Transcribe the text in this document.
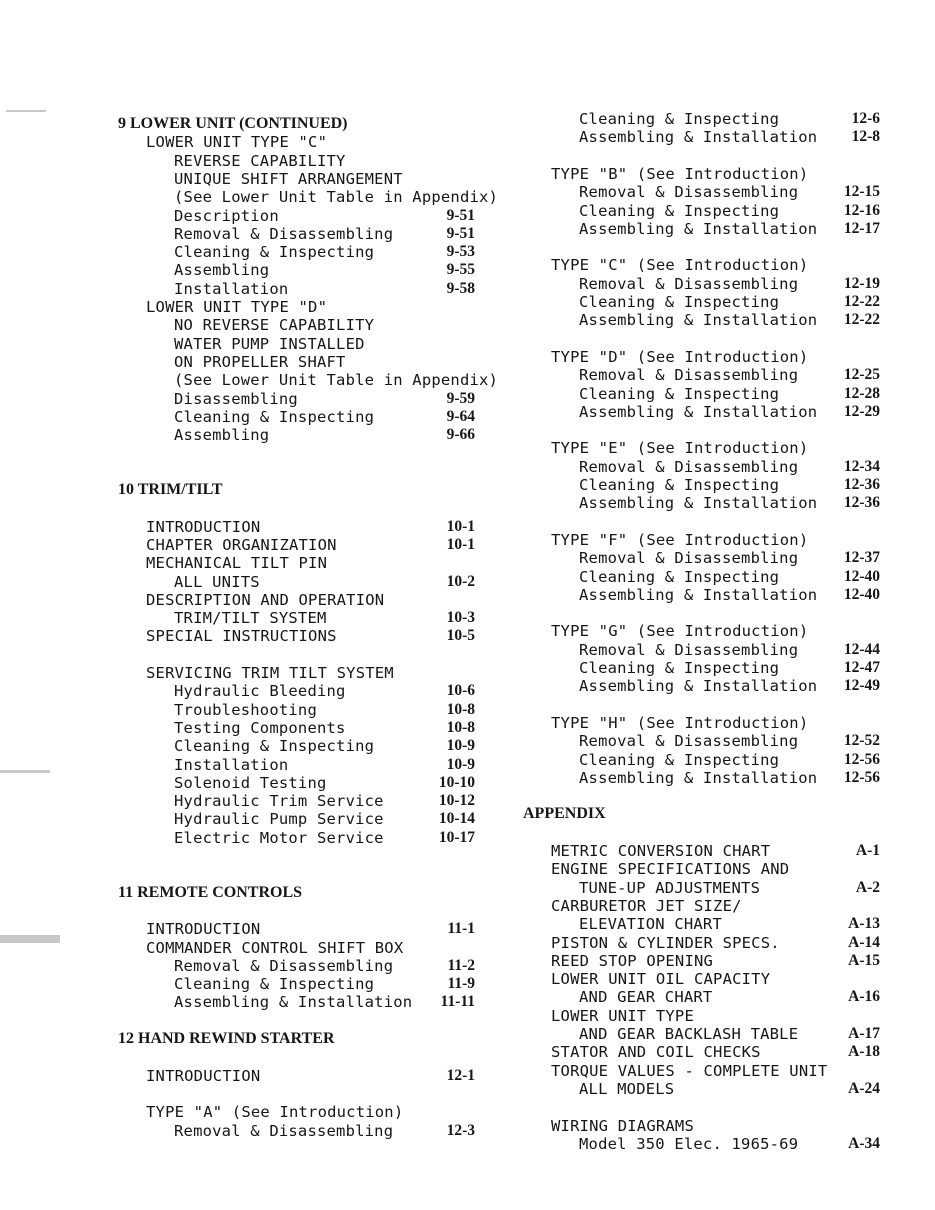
9 LOWER UNIT (CONTINUED)
LOWER UNIT TYPE "C"
REVERSE CAPABILITY
UNIQUE SHIFT ARRANGEMENT
(See Lower Unit Table in Appendix)
Description	9-51
Removal & Disassembling	9-51
Cleaning & Inspecting	9-53
Assembling	9-55
Installation	9-58
LOWER UNIT TYPE "D"
NO REVERSE CAPABILITY
WATER PUMP INSTALLED
ON PROPELLER SHAFT
(See Lower Unit Table in Appendix)
Disassembling	9-59
Cleaning & Inspecting	9-64
Assembling	9-66
10 TRIM/TILT
INTRODUCTION	10-1
CHAPTER ORGANIZATION	10-1
MECHANICAL TILT PIN
ALL UNITS	10-2
DESCRIPTION AND OPERATION
TRIM/TILT SYSTEM	10-3
SPECIAL INSTRUCTIONS	10-5
SERVICING TRIM TILT SYSTEM
Hydraulic Bleeding	10-6
Troubleshooting	10-8
Testing Components	10-8
Cleaning & Inspecting	10-9
Installation	10-9
Solenoid Testing	10-10
Hydraulic Trim Service	10-12
Hydraulic Pump Service	10-14
Electric Motor Service	10-17
11 REMOTE CONTROLS
INTRODUCTION	11-1
COMMANDER CONTROL SHIFT BOX
Removal & Disassembling	11-2
Cleaning & Inspecting	11-9
Assembling & Installation	11-11
12 HAND REWIND STARTER
INTRODUCTION	12-1
TYPE "A" (See Introduction)
Removal & Disassembling	12-3
Cleaning & Inspecting	12-6
Assembling & Installation	12-8
TYPE "B" (See Introduction)
Removal & Disassembling	12-15
Cleaning & Inspecting	12-16
Assembling & Installation	12-17
TYPE "C" (See Introduction)
Removal & Disassembling	12-19
Cleaning & Inspecting	12-22
Assembling & Installation	12-22
TYPE "D" (See Introduction)
Removal & Disassembling	12-25
Cleaning & Inspecting	12-28
Assembling & Installation	12-29
TYPE "E" (See Introduction)
Removal & Disassembling	12-34
Cleaning & Inspecting	12-36
Assembling & Installation	12-36
TYPE "F" (See Introduction)
Removal & Disassembling	12-37
Cleaning & Inspecting	12-40
Assembling & Installation	12-40
TYPE "G" (See Introduction)
Removal & Disassembling	12-44
Cleaning & Inspecting	12-47
Assembling & Installation	12-49
TYPE "H" (See Introduction)
Removal & Disassembling	12-52
Cleaning & Inspecting	12-56
Assembling & Installation	12-56
APPENDIX
METRIC CONVERSION CHART	A-1
ENGINE SPECIFICATIONS AND
TUNE-UP ADJUSTMENTS	A-2
CARBURETOR JET SIZE/
ELEVATION CHART	A-13
PISTON & CYLINDER SPECS.	A-14
REED STOP OPENING	A-15
LOWER UNIT OIL CAPACITY
AND GEAR CHART	A-16
LOWER UNIT TYPE
AND GEAR BACKLASH TABLE	A-17
STATOR AND COIL CHECKS	A-18
TORQUE VALUES - COMPLETE UNIT
ALL MODELS	A-24
WIRING DIAGRAMS
Model 350 Elec. 1965-69	A-34
